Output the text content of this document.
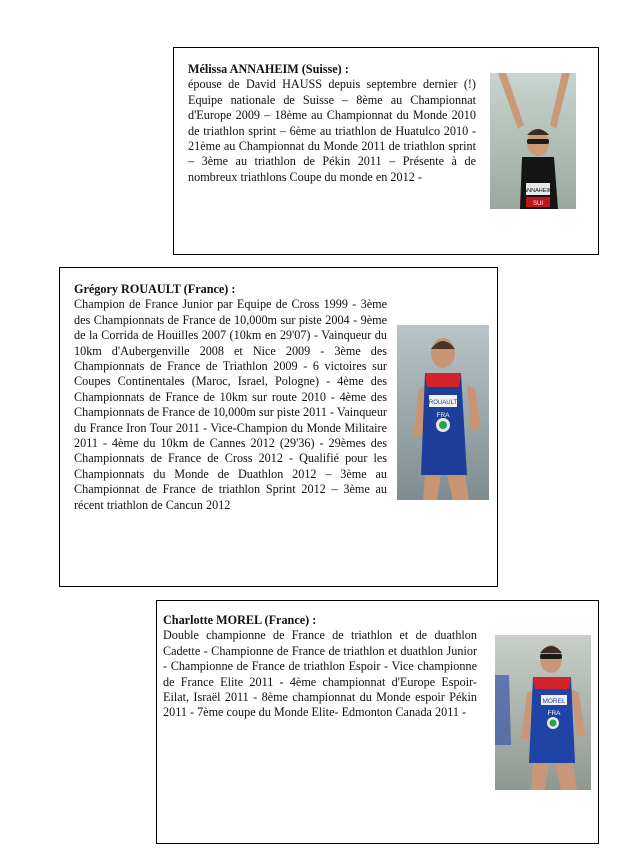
Mélissa ANNAHEIM (Suisse) :
épouse de David HAUSS depuis septembre dernier (!) Equipe nationale de Suisse – 8ème au Championnat d'Europe 2009 – 18ème au Championnat du Monde 2010 de triathlon sprint – 6ème au triathlon de Huatulco 2010 - 21ème au Championnat du Monde 2011 de triathlon sprint – 3ème au triathlon de Pékin 2011 – Présente à de nombreux triathlons Coupe du monde en 2012 -
ANNAHEIM
SUI
Grégory ROUAULT (France) :
Champion de France Junior par Equipe de Cross 1999 - 3ème des Championnats de France de 10,000m sur piste 2004 - 9ème de la Corrida de Houilles 2007 (10km en 29'07) - Vainqueur du 10km d'Aubergenville 2008 et Nice 2009 - 3ème des Championnats de France de Triathlon 2009 - 6 victoires sur Coupes Continentales (Maroc, Israel, Pologne) - 4ème des Championnats de France de 10km sur route 2010 - 4ème des Championnats de France de 10,000m sur piste 2011 - Vainqueur du France Iron Tour 2011 - Vice-Champion du Monde Militaire 2011 - 4ème du 10km de Cannes 2012 (29'36) - 29èmes des Championnats de France de Cross 2012 - Qualifié pour les Championnats du Monde de Duathlon 2012 – 3ème au Championnat de France de triathlon Sprint 2012 – 3ème au récent triathlon de Cancun 2012
ROUAULT
FRA
Charlotte MOREL (France) :
Double championne de France de triathlon et de duathlon Cadette - Championne de France de triathlon et duathlon Junior - Championne de France de triathlon Espoir - Vice championne de France Elite 2011 - 4ème championnat d'Europe Espoir- Eilat, Israël 2011 - 8ème championnat du Monde espoir Pékin 2011 - 7ème coupe du Monde Elite- Edmonton Canada 2011 -
MOREL
FRA
